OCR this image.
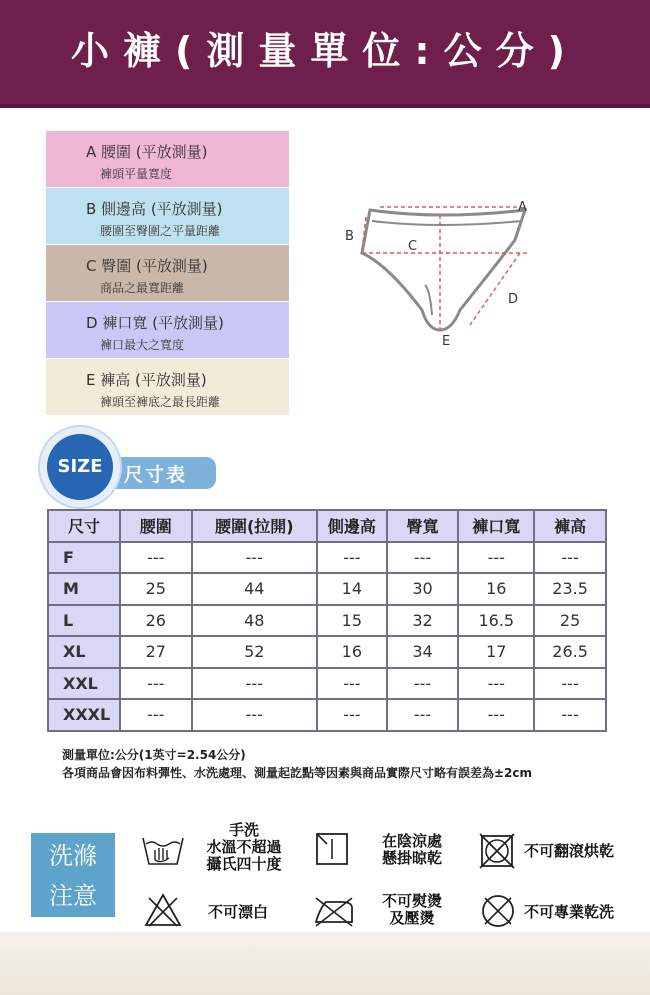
小褲(測量單位:公分)
A 腰圍 (平放測量)
褲頭平量寬度
B 側邊高 (平放測量)
腰圍至臀圍之平量距離
C 臀圍 (平放測量)
商品之最寬距離
D 褲口寬 (平放測量)
褲口最大之寬度
E 褲高 (平放測量)
褲頭至褲底之最長距離
A
B
C
D
E
尺寸表
SIZE
尺寸	腰圍	腰圍(拉開)	側邊高	臀寬	褲口寬	褲高
F	---	---	---	---	---	---
M	25	44	14	30	16	23.5
L	26	48	15	32	16.5	25
XL	27	52	16	34	17	26.5
XXL	---	---	---	---	---	---
XXXL	---	---	---	---	---	---
測量單位:公分(1英寸=2.54公分)
各項商品會因布料彈性、水洗處理、測量起訖點等因素與商品實際尺寸略有誤差為±2cm
洗滌
注意
手洗
水溫不超過
攝氏四十度
在陰涼處
懸掛晾乾	不可翻滾烘乾
不可漂白
不可熨燙
及壓燙	不可專業乾洗
